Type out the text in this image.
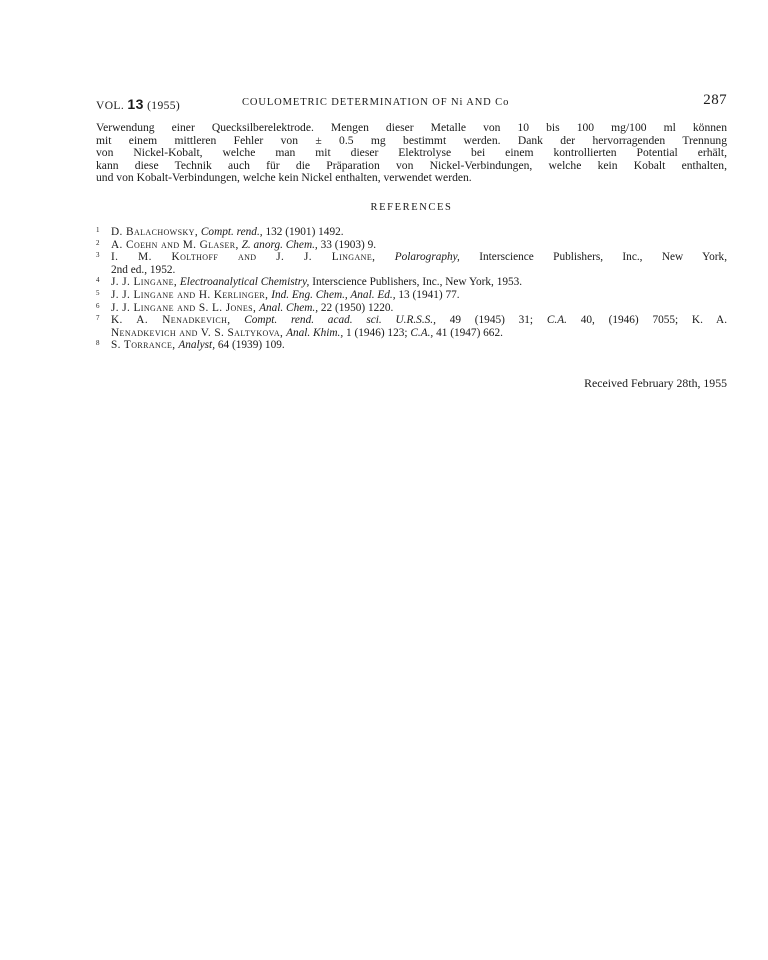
VOL. 13 (1955)	COULOMETRIC DETERMINATION OF Ni AND Co	287
Verwendung einer Quecksilberelektrode. Mengen dieser Metalle von 10 bis 100 mg/100 ml können
mit einem mittleren Fehler von ± 0.5 mg bestimmt werden. Dank der hervorragenden Trennung
von Nickel-Kobalt, welche man mit dieser Elektrolyse bei einem kontrollierten Potential erhält,
kann diese Technik auch für die Präparation von Nickel-Verbindungen, welche kein Kobalt enthalten,
und von Kobalt-Verbindungen, welche kein Nickel enthalten, verwendet werden.
REFERENCES
1 D. Balachowsky, Compt. rend., 132 (1901) 1492.
2 A. Coehn and M. Glaser, Z. anorg. Chem., 33 (1903) 9.
3 I. M. Kolthoff and J. J. Lingane, Polarography, Interscience Publishers, Inc., New York,
2nd ed., 1952.
4 J. J. Lingane, Electroanalytical Chemistry, Interscience Publishers, Inc., New York, 1953.
5 J. J. Lingane and H. Kerlinger, Ind. Eng. Chem., Anal. Ed., 13 (1941) 77.
6 J. J. Lingane and S. L. Jones, Anal. Chem., 22 (1950) 1220.
7 K. A. Nenadkevich, Compt. rend. acad. sci. U.R.S.S., 49 (1945) 31; C.A. 40, (1946) 7055; K. A.
Nenadkevich and V. S. Saltykova, Anal. Khim., 1 (1946) 123; C.A., 41 (1947) 662.
8 S. Torrance, Analyst, 64 (1939) 109.
Received February 28th, 1955
